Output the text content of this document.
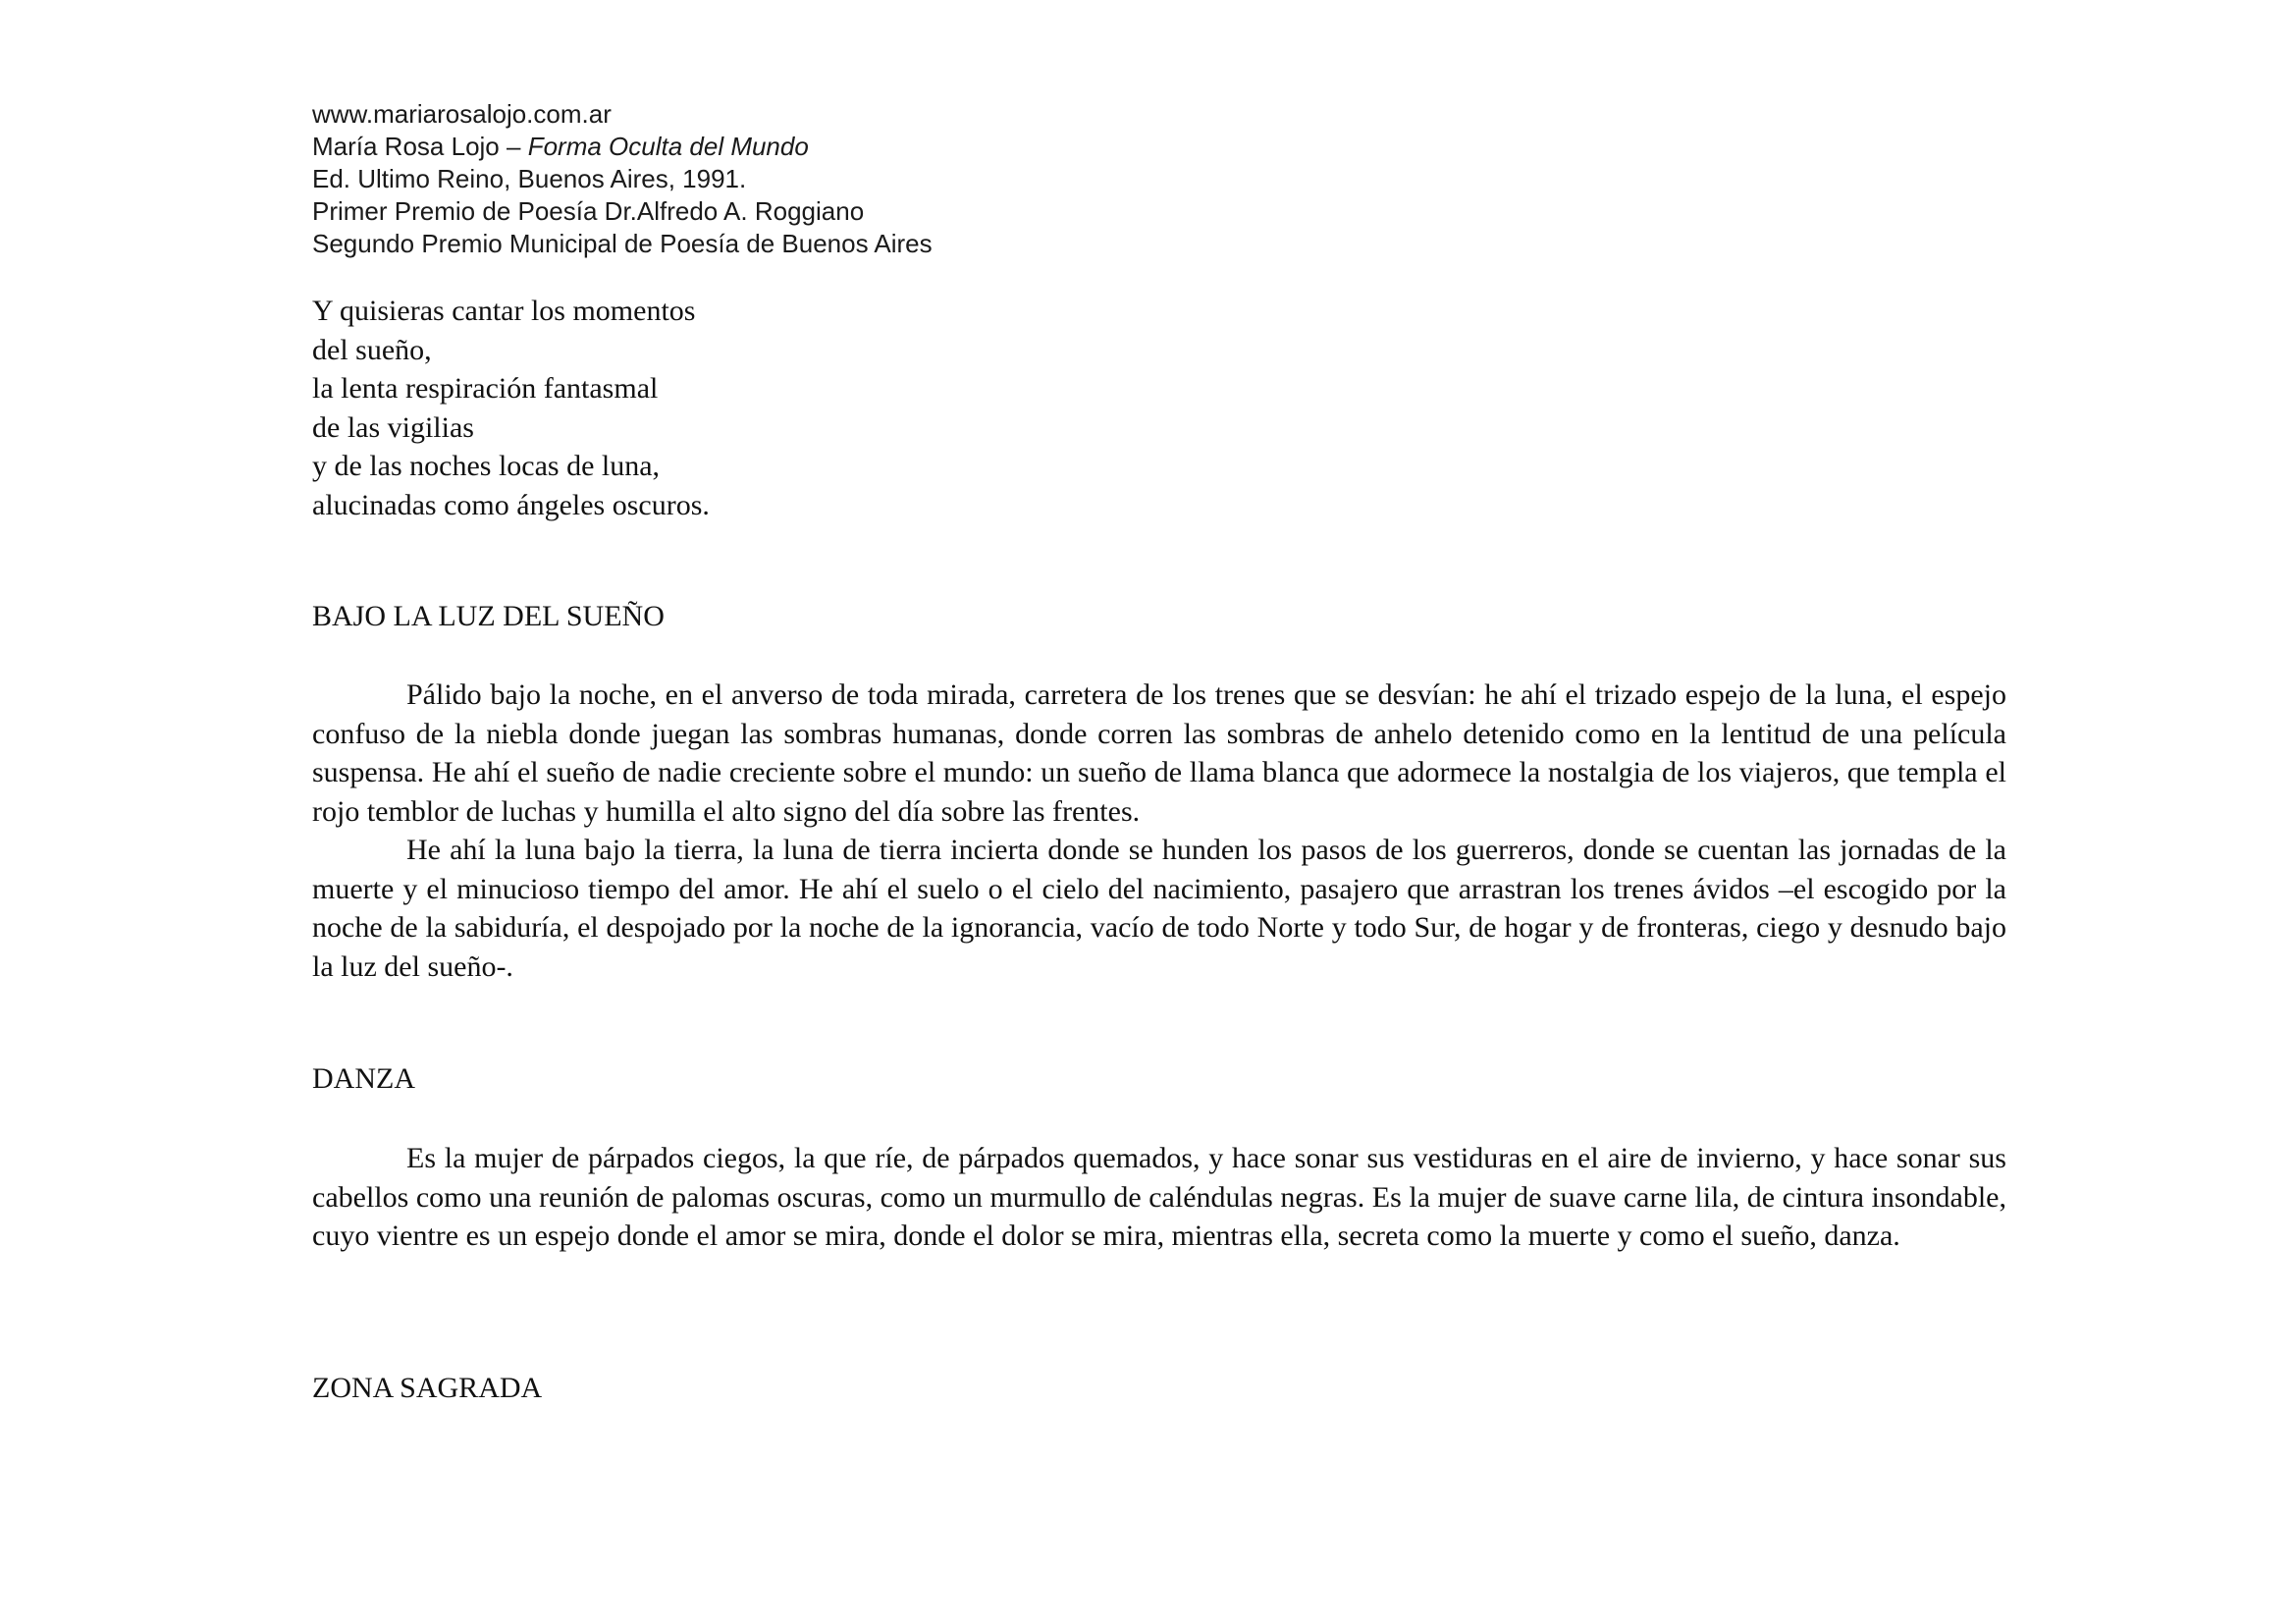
www.mariarosalojo.com.ar
María Rosa Lojo – Forma Oculta del Mundo
Ed. Ultimo Reino, Buenos Aires, 1991.
Primer Premio de Poesía Dr.Alfredo A. Roggiano
Segundo Premio Municipal de Poesía de Buenos Aires
Y quisieras cantar los momentos
del sueño,
la lenta respiración fantasmal
de las vigilias
y de las noches locas de luna,
alucinadas como ángeles oscuros.
BAJO LA LUZ DEL SUEÑO

Pálido bajo la noche, en el anverso de toda mirada, carretera de los trenes que se desvían: he ahí el trizado espejo de la luna, el espejo confuso de la niebla donde juegan las sombras humanas, donde corren las sombras de anhelo detenido como en la lentitud de una película suspensa. He ahí el sueño de nadie creciente sobre el mundo: un sueño de llama blanca que adormece la nostalgia de los viajeros, que templa el rojo temblor de luchas y humilla el alto signo del día sobre las frentes.

He ahí la luna bajo la tierra, la luna de tierra incierta donde se hunden los pasos de los guerreros, donde se cuentan las jornadas de la muerte y el minucioso tiempo del amor. He ahí el suelo o el cielo del nacimiento, pasajero que arrastran los trenes ávidos –el escogido por la noche de la sabiduría, el despojado por la noche de la ignorancia, vacío de todo Norte y todo Sur, de hogar y de fronteras, ciego y desnudo bajo la luz del sueño-.

DANZA

Es la mujer de párpados ciegos, la que ríe, de párpados quemados, y hace sonar sus vestiduras en el aire de invierno, y hace sonar sus cabellos como una reunión de palomas oscuras, como un murmullo de caléndulas negras. Es la mujer de suave carne lila, de cintura insondable, cuyo vientre es un espejo donde el amor se mira, donde el dolor se mira, mientras ella, secreta como la muerte y como el sueño, danza.

ZONA SAGRADA
